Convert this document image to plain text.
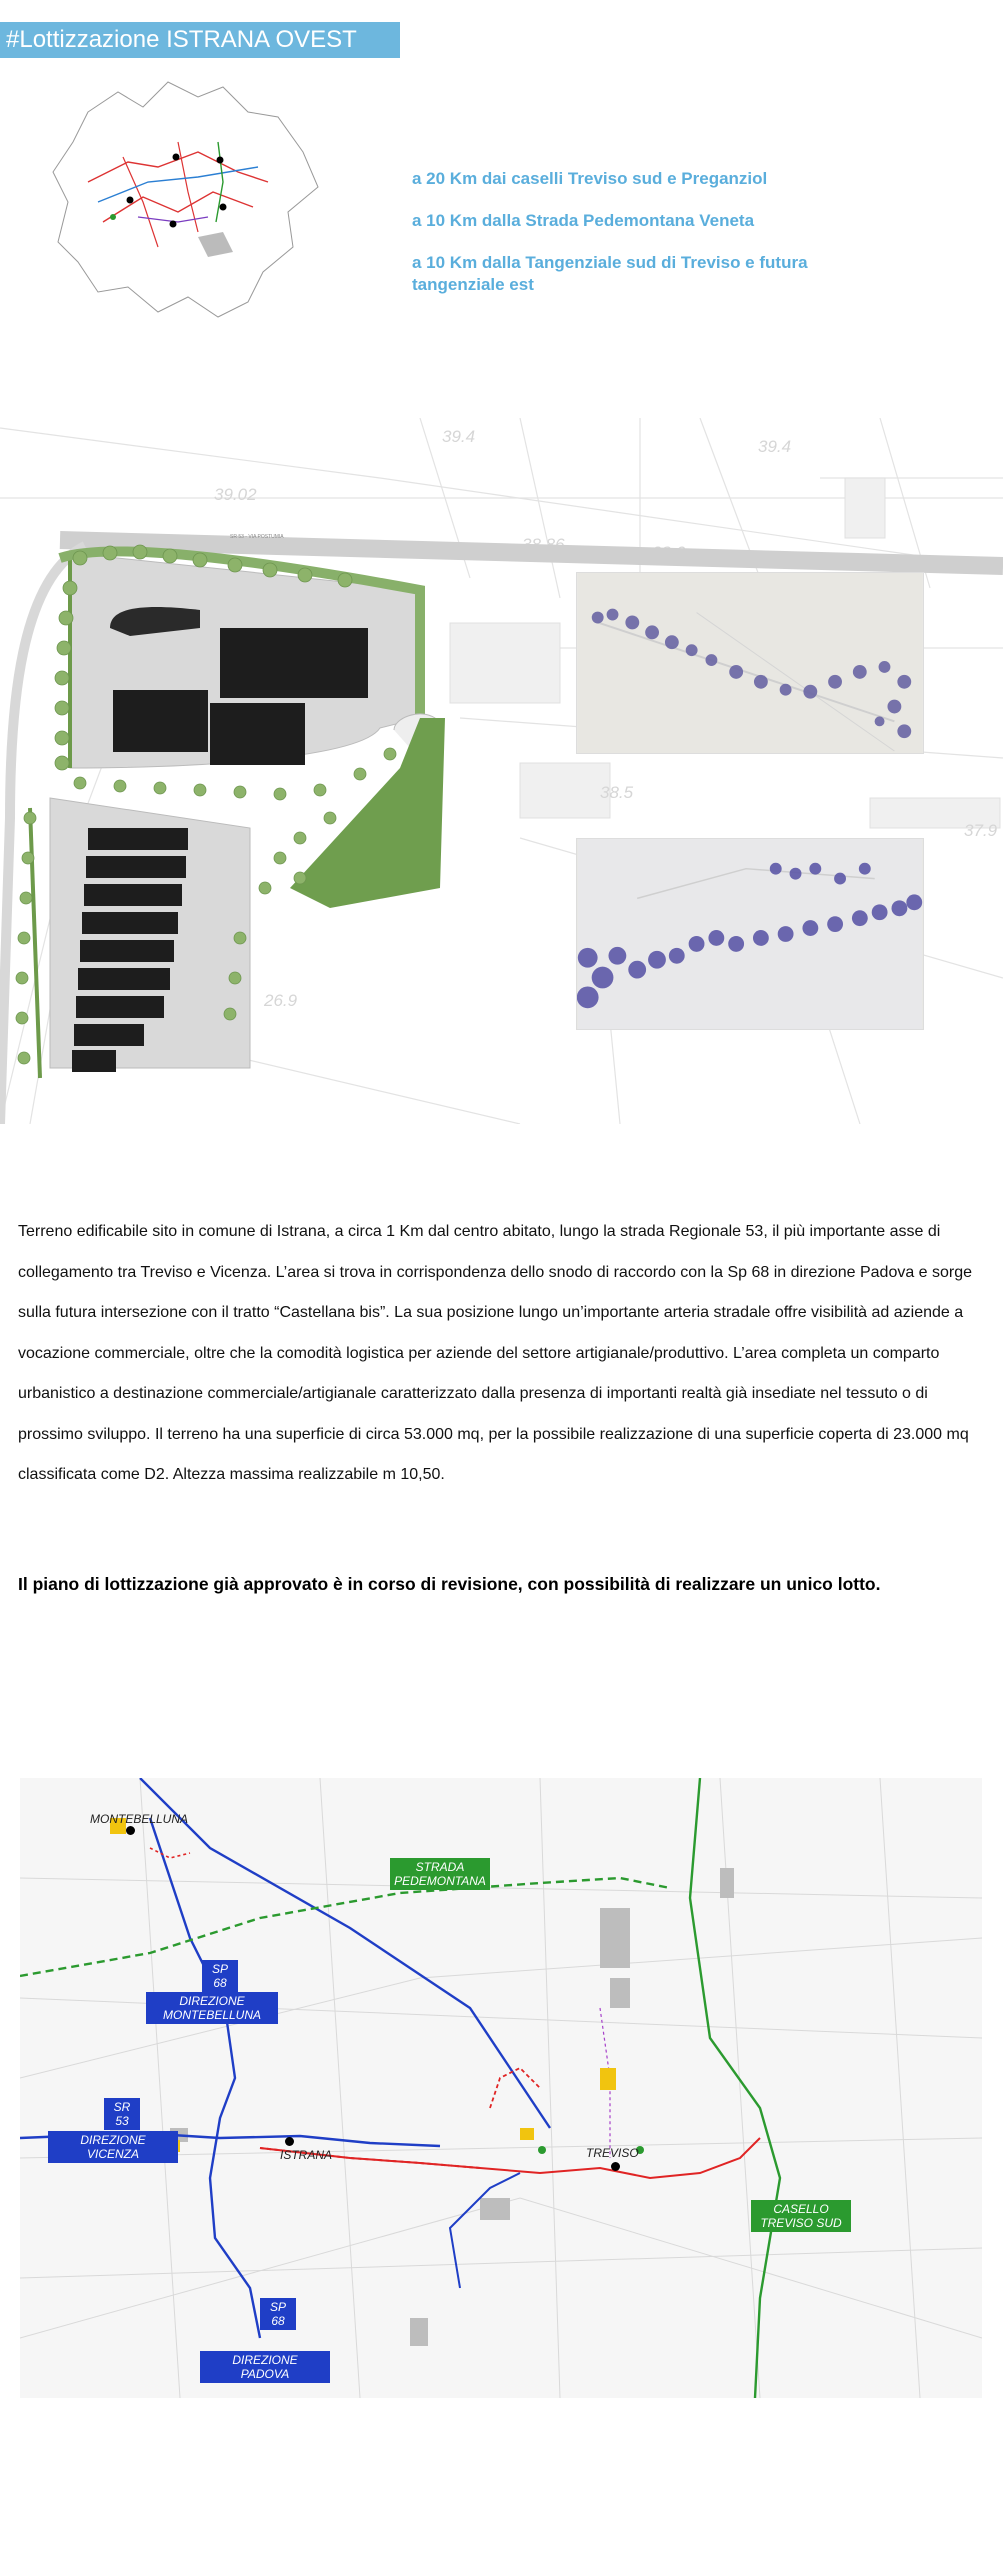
#Lottizzazione ISTRANA OVEST
a 20 Km dai caselli Treviso sud e Preganziol
a 10 Km dalla Strada Pedemontana Veneta
a 10 Km dalla Tangenziale sud di Treviso e futura tangenziale est
39.4
39.4
39.02
38.86	38.6
38.5
37.9
26.9
SR 53 - VIA POSTUMIA

Terreno edificabile sito in comune di Istrana, a circa 1 Km dal centro abitato, lungo la strada Regionale 53, il più importante asse di collegamento tra Treviso e Vicenza. L’area si trova in corrispondenza dello snodo di raccordo con la Sp 68 in direzione Padova e sorge sulla futura intersezione con il tratto “Castellana bis”. La sua posizione lungo un’importante arteria stradale offre visibilità ad aziende a vocazione commerciale, oltre che la comodità logistica per aziende del settore artigianale/produttivo. L’area completa un comparto urbanistico a destinazione commerciale/artigianale caratterizzato dalla presenza di importanti realtà già insediate nel tessuto o di prossimo sviluppo. Il terreno ha una superficie di circa 53.000 mq, per la possibile realizzazione di una superficie coperta di 23.000 mq classificata come D2. Altezza massima realizzabile m 10,50.

Il piano di lottizzazione già approvato è in corso di revisione, con possibilità di realizzare un unico lotto.

MONTEBELLUNA
ISTRANA	TREVISO
STRADA
PEDEMONTANA
SP
68
DIREZIONE
MONTEBELLUNA
SR
53
DIREZIONE
VICENZA
SP
68
DIREZIONE
PADOVA
CASELLO
TREVISO SUD
